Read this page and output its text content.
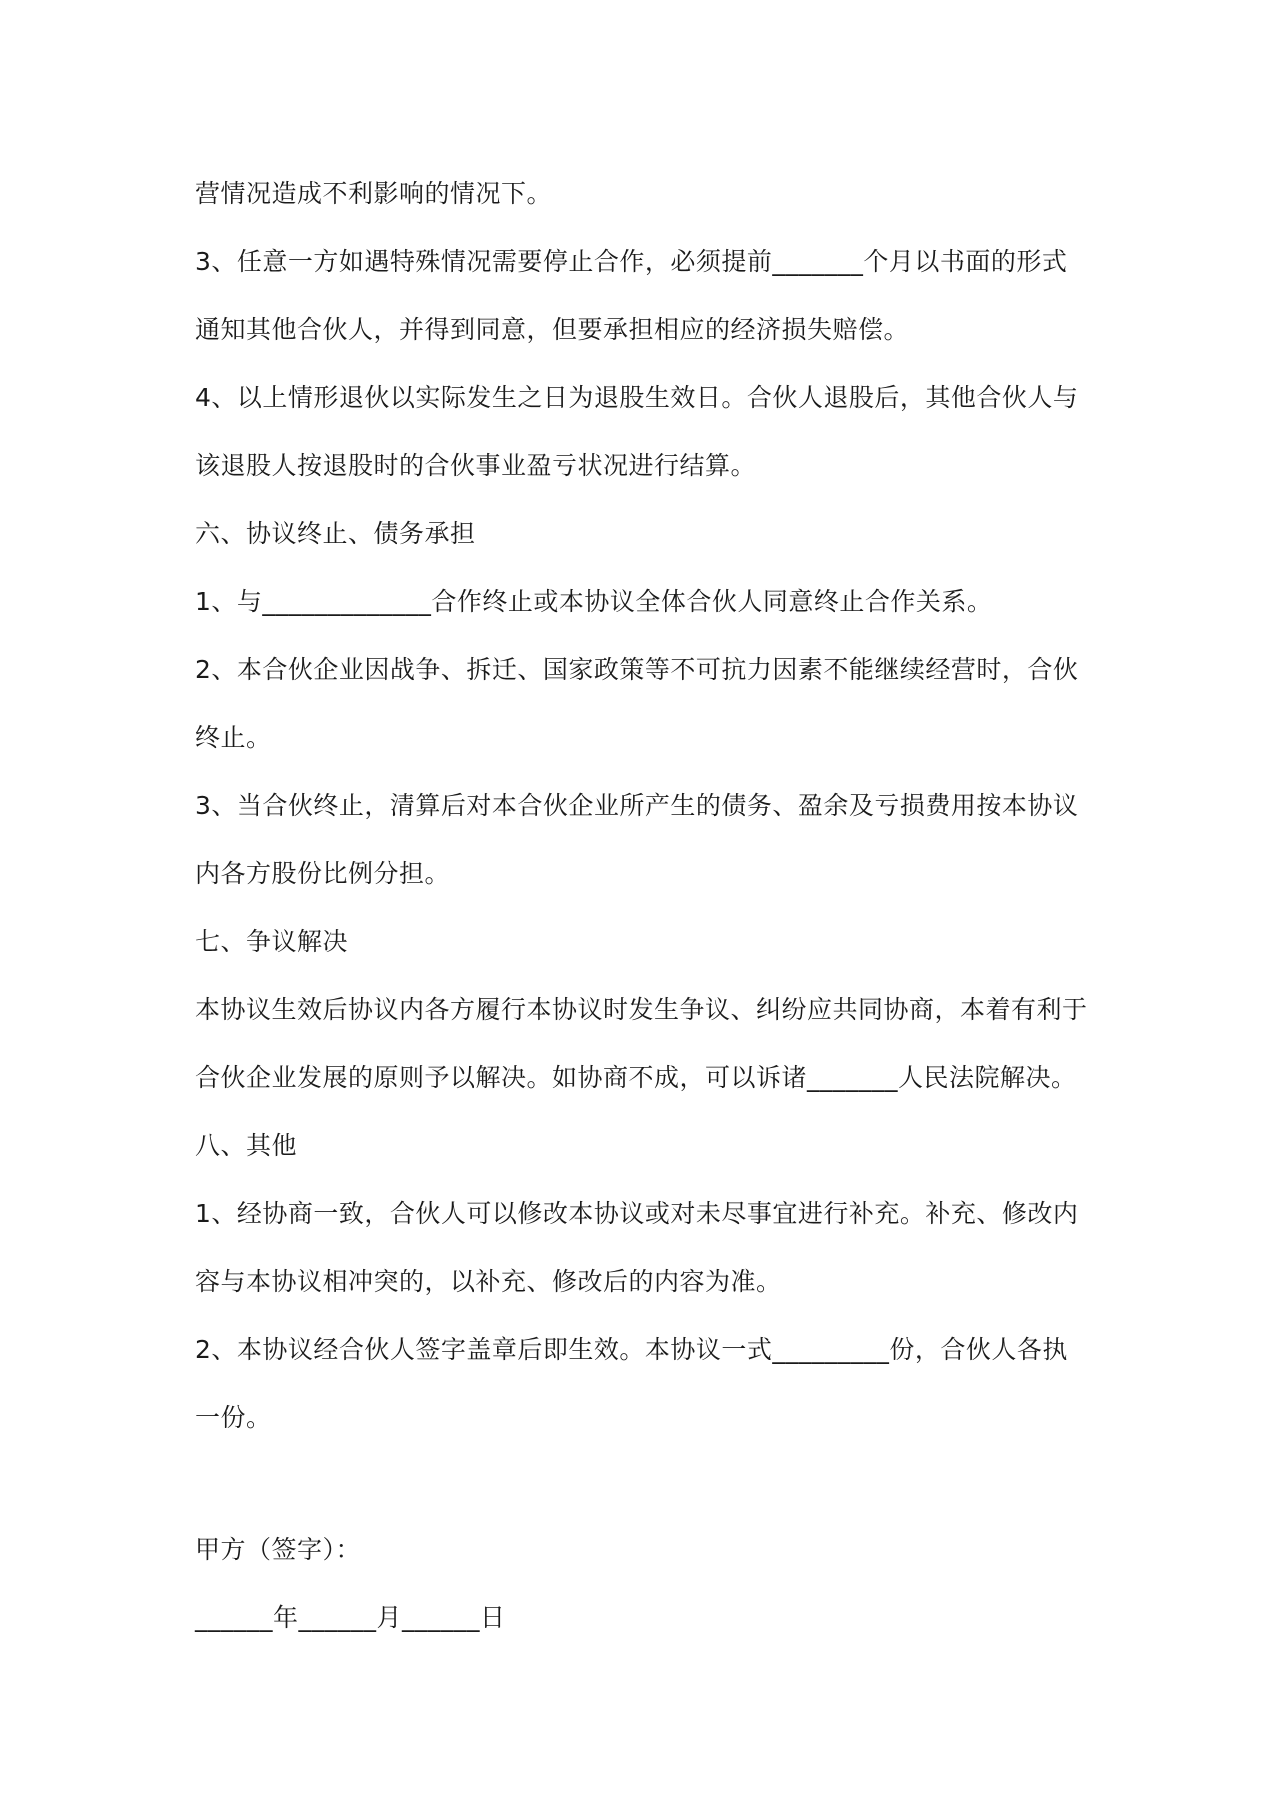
营情况造成不利影响的情况下。
3、任意一方如遇特殊情况需要停止合作，必须提前_______个月以书面的形式
通知其他合伙人，并得到同意，但要承担相应的经济损失赔偿。
4、以上情形退伙以实际发生之日为退股生效日。合伙人退股后，其他合伙人与
该退股人按退股时的合伙事业盈亏状况进行结算。
六、协议终止、债务承担
1、与_____________合作终止或本协议全体合伙人同意终止合作关系。
2、本合伙企业因战争、拆迁、国家政策等不可抗力因素不能继续经营时，合伙
终止。
3、当合伙终止，清算后对本合伙企业所产生的债务、盈余及亏损费用按本协议
内各方股份比例分担。
七、争议解决
本协议生效后协议内各方履行本协议时发生争议、纠纷应共同协商，本着有利于
合伙企业发展的原则予以解决。如协商不成，可以诉诸_______人民法院解决。
八、其他
1、经协商一致，合伙人可以修改本协议或对未尽事宜进行补充。补充、修改内
容与本协议相冲突的，以补充、修改后的内容为准。
2、本协议经合伙人签字盖章后即生效。本协议一式_________份，合伙人各执
一份。
甲方（签字）：
______年______月______日
